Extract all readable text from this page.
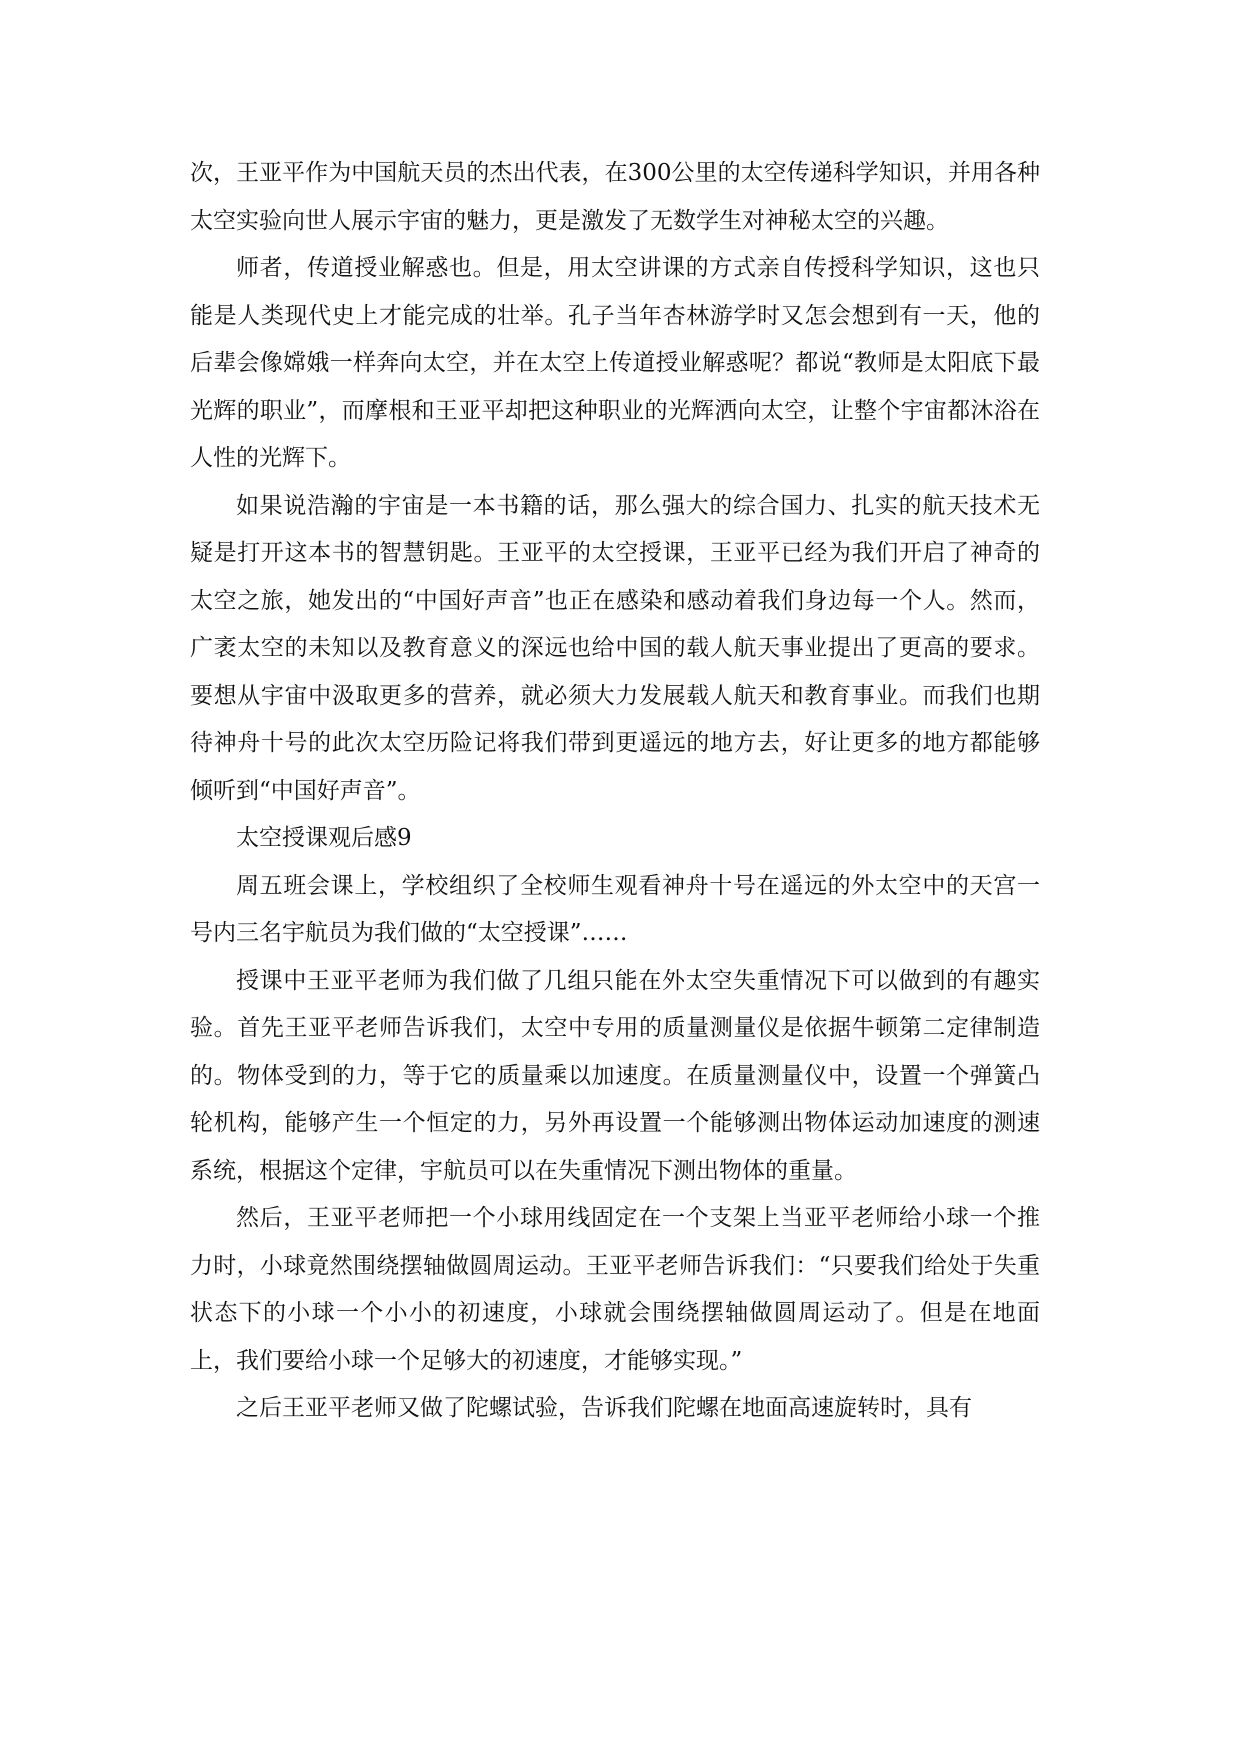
次，王亚平作为中国航天员的杰出代表，在300公里的太空传递科学知识，并用各种太空实验向世人展示宇宙的魅力，更是激发了无数学生对神秘太空的兴趣。

师者，传道授业解惑也。但是，用太空讲课的方式亲自传授科学知识，这也只能是人类现代史上才能完成的壮举。孔子当年杏林游学时又怎会想到有一天，他的后辈会像嫦娥一样奔向太空，并在太空上传道授业解惑呢？都说“教师是太阳底下最光辉的职业”，而摩根和王亚平却把这种职业的光辉洒向太空，让整个宇宙都沐浴在人性的光辉下。

如果说浩瀚的宇宙是一本书籍的话，那么强大的综合国力、扎实的航天技术无疑是打开这本书的智慧钥匙。王亚平的太空授课，王亚平已经为我们开启了神奇的太空之旅，她发出的“中国好声音”也正在感染和感动着我们身边每一个人。然而，广袤太空的未知以及教育意义的深远也给中国的载人航天事业提出了更高的要求。要想从宇宙中汲取更多的营养，就必须大力发展载人航天和教育事业。而我们也期待神舟十号的此次太空历险记将我们带到更遥远的地方去，好让更多的地方都能够倾听到“中国好声音”。

太空授课观后感9

周五班会课上，学校组织了全校师生观看神舟十号在遥远的外太空中的天宫一号内三名宇航员为我们做的“太空授课”……

授课中王亚平老师为我们做了几组只能在外太空失重情况下可以做到的有趣实验。首先王亚平老师告诉我们，太空中专用的质量测量仪是依据牛顿第二定律制造的。物体受到的力，等于它的质量乘以加速度。在质量测量仪中，设置一个弹簧凸轮机构，能够产生一个恒定的力，另外再设置一个能够测出物体运动加速度的测速系统，根据这个定律，宇航员可以在失重情况下测出物体的重量。

然后，王亚平老师把一个小球用线固定在一个支架上当亚平老师给小球一个推力时，小球竟然围绕摆轴做圆周运动。王亚平老师告诉我们：“只要我们给处于失重状态下的小球一个小小的初速度，小球就会围绕摆轴做圆周运动了。但是在地面上，我们要给小球一个足够大的初速度，才能够实现。”

之后王亚平老师又做了陀螺试验，告诉我们陀螺在地面高速旋转时，具有
